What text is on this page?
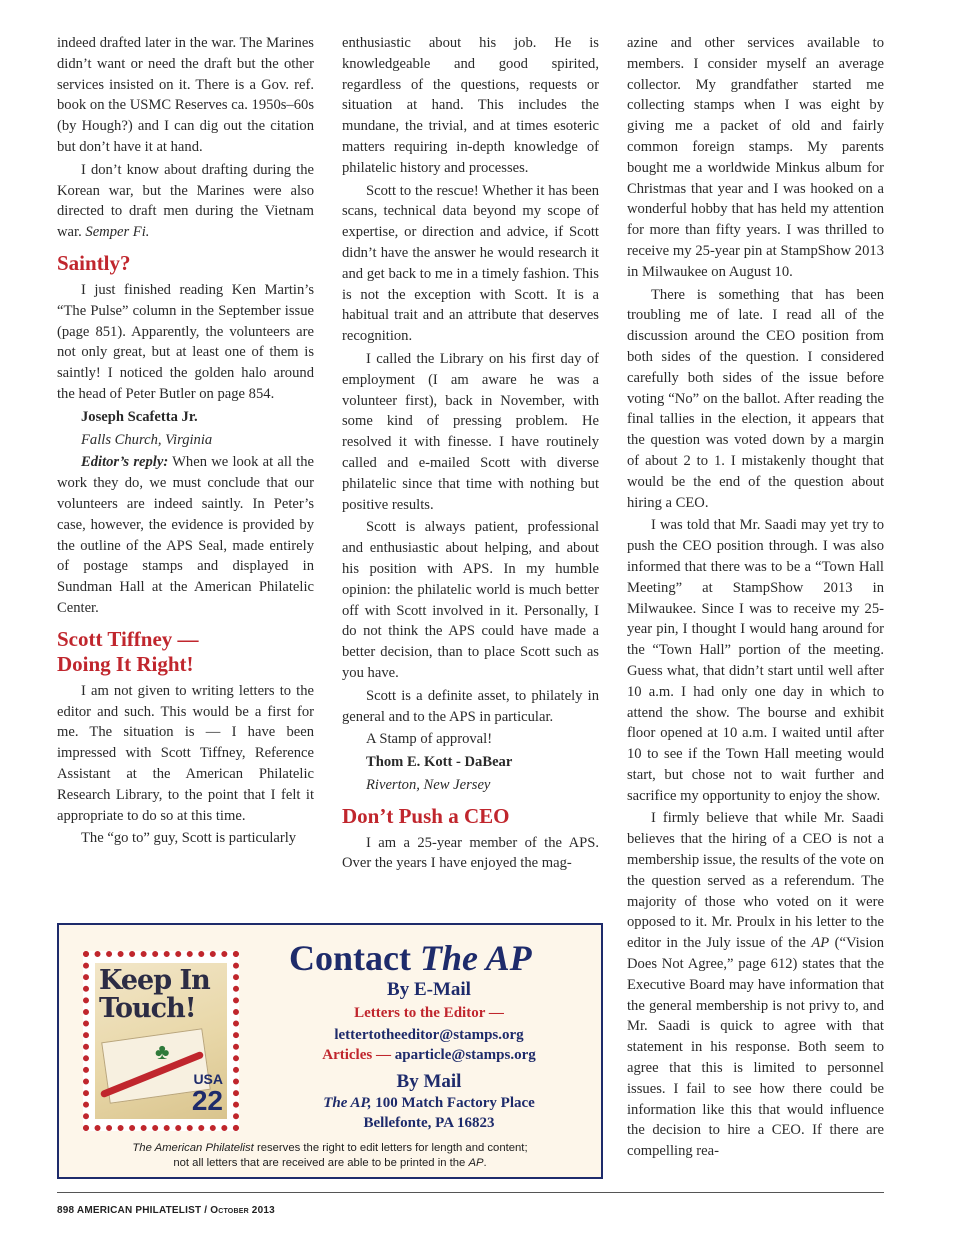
indeed drafted later in the war. The Marines didn’t want or need the draft but the other services insisted on it. There is a Gov. ref. book on the USMC Reserves ca. 1950s–60s (by Hough?) and I can dig out the citation but don’t have it at hand.

I don’t know about drafting during the Korean war, but the Marines were also directed to draft men during the Vietnam war. Semper Fi.

Saintly?

I just finished reading Ken Martin’s “The Pulse” column in the September issue (page 851). Apparently, the volunteers are not only great, but at least one of them is saintly! I noticed the golden halo around the head of Peter Butler on page 854.

Joseph Scafetta Jr.

Falls Church, Virginia

Editor’s reply: When we look at all the work they do, we must conclude that our volunteers are indeed saintly. In Peter’s case, however, the evidence is provided by the outline of the APS Seal, made entirely of postage stamps and displayed in Sundman Hall at the American Philatelic Center.

Scott Tiffney —
Doing It Right!

I am not given to writing letters to the editor and such. This would be a first for me. The situation is — I have been impressed with Scott Tiffney, Reference Assistant at the American Philatelic Research Library, to the point that I felt it appropriate to do so at this time.

The “go to” guy, Scott is particularly

enthusiastic about his job. He is knowledgeable and good spirited, regardless of the questions, requests or situation at hand. This includes the mundane, the trivial, and at times esoteric matters requiring in-depth knowledge of philatelic history and processes.

Scott to the rescue! Whether it has been scans, technical data beyond my scope of expertise, or direction and advice, if Scott didn’t have the answer he would research it and get back to me in a timely fashion. This is not the exception with Scott. It is a habitual trait and an attribute that deserves recognition.

I called the Library on his first day of employment (I am aware he was a volunteer first), back in November, with some kind of pressing problem. He resolved it with finesse. I have routinely called and e-mailed Scott with diverse philatelic since that time with nothing but positive results.

Scott is always patient, professional and enthusiastic about helping, and about his position with APS. In my humble opinion: the philatelic world is much better off with Scott involved in it. Personally, I do not think the APS could have made a better decision, than to place Scott such as you have.

Scott is a definite asset, to philately in general and to the APS in particular.

A Stamp of approval!

Thom E. Kott - DaBear

Riverton, New Jersey

Don’t Push a CEO

I am a 25-year member of the APS. Over the years I have enjoyed the mag-

azine and other services available to members. I consider myself an average collector. My grandfather started me collecting stamps when I was eight by giving me a packet of old and fairly common foreign stamps. My parents bought me a worldwide Minkus album for Christmas that year and I was hooked on a wonderful hobby that has held my attention for more than fifty years. I was thrilled to receive my 25-year pin at StampShow 2013 in Milwaukee on August 10.

There is something that has been troubling me of late. I read all of the discussion around the CEO position from both sides of the question. I considered carefully both sides of the issue before voting “No” on the ballot. After reading the final tallies in the election, it appears that the question was voted down by a margin of about 2 to 1. I mistakenly thought that would be the end of the question about hiring a CEO.

I was told that Mr. Saadi may yet try to push the CEO position through. I was also informed that there was to be a “Town Hall Meeting” at StampShow 2013 in Milwaukee. Since I was to receive my 25-year pin, I thought I would hang around for the “Town Hall” portion of the meeting. Guess what, that didn’t start until well after 10 a.m. I had only one day in which to attend the show. The bourse and exhibit floor opened at 10 a.m. I waited until after 10 to see if the Town Hall meeting would start, but chose not to wait further and sacrifice my opportunity to enjoy the show.

I firmly believe that while Mr. Saadi believes that the hiring of a CEO is not a membership issue, the results of the vote on the question served as a referendum. The majority of those who voted on it were opposed to it. Mr. Proulx in his letter to the editor in the July issue of the AP (“Vision Does Not Agree,” page 612) states that the Executive Board may have information that the general membership is not privy to, and Mr. Saadi is quick to agree with that statement in his response. Both seem to agree that this is limited to personnel issues. I fail to see how there could be information like this that would influence the decision to hire a CEO. If there are compelling rea-

Keep In
Touch!
♣
USA
22
Contact The AP
By E-Mail
Letters to the Editor —
lettertotheeditor@stamps.org
Articles — aparticle@stamps.org
By Mail
The AP, 100 Match Factory Place
Bellefonte, PA 16823
The American Philatelist reserves the right to edit letters for length and content;
not all letters that are received are able to be printed in the AP.
898 AMERICAN PHILATELIST / October 2013
